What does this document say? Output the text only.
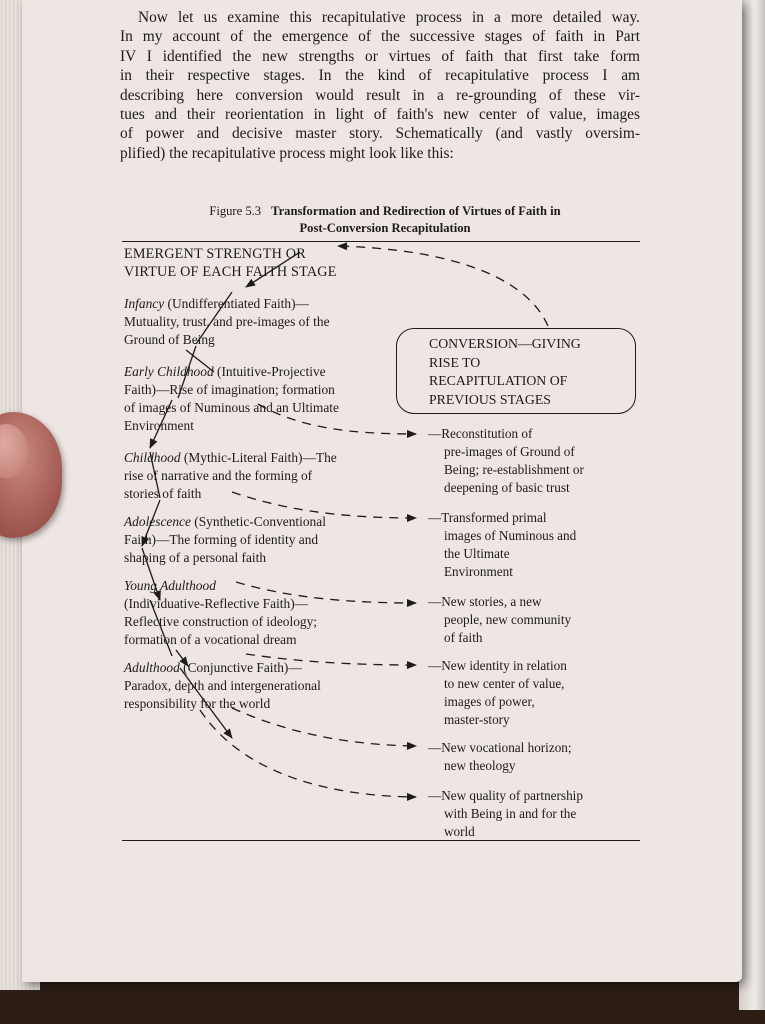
Now let us examine this recapitulative process in a more detailed way.
In my account of the emergence of the successive stages of faith in Part
IV I identified the new strengths or virtues of faith that first take form
in their respective stages. In the kind of recapitulative process I am
describing here conversion would result in a re-grounding of these vir-
tues and their reorientation in light of faith's new center of value, images
of power and decisive master story. Schematically (and vastly oversim-
plified) the recapitulative process might look like this:
Figure 5.3 Transformation and Redirection of Virtues of Faith in
Post-Conversion Recapitulation
EMERGENT STRENGTH OR
VIRTUE OF EACH FAITH STAGE
Infancy (Undifferentiated Faith)—
Mutuality, trust, and pre-images of the
Ground of Being
Early Childhood (Intuitive-Projective
Faith)—Rise of imagination; formation
of images of Numinous and an Ultimate
Environment
Childhood (Mythic-Literal Faith)—The
rise of narrative and the forming of
stories of faith
Adolescence (Synthetic-Conventional
Faith)—The forming of identity and
shaping of a personal faith
Young Adulthood
(Individuative-Reflective Faith)—
Reflective construction of ideology;
formation of a vocational dream
Adulthood (Conjunctive Faith)—
Paradox, depth and intergenerational
responsibility for the world
CONVERSION—GIVING
RISE TO
RECAPITULATION OF
PREVIOUS STAGES
—Reconstitution of
pre-images of Ground of
Being; re-establishment or
deepening of basic trust
—Transformed primal
images of Numinous and
the Ultimate
Environment
—New stories, a new
people, new community
of faith
—New identity in relation
to new center of value,
images of power,
master-story
—New vocational horizon;
new theology
—New quality of partnership
with Being in and for the
world
